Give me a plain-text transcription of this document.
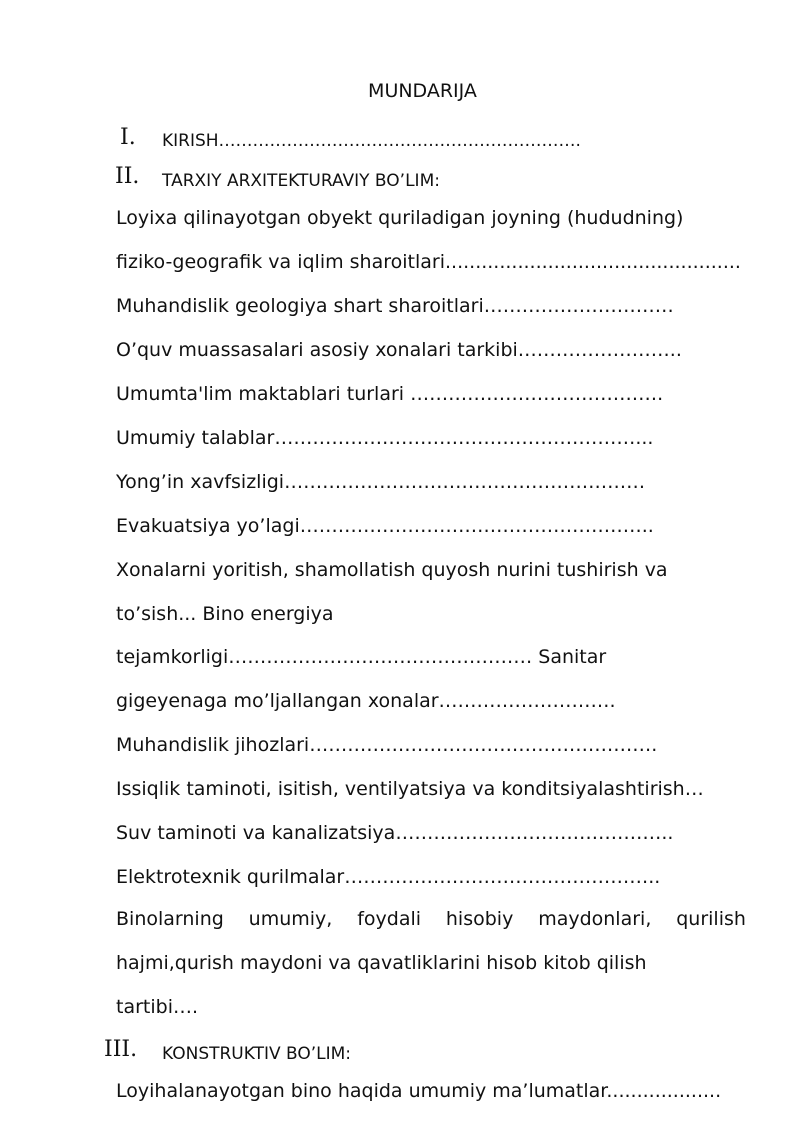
MUNDARIJA
I. KIRISH……………………………………………………….
II. TARXIY ARXITEKTURAVIY BO’LIM:
Loyixa qilinayotgan obyekt quriladigan joyning (hududning)
fiziko-geografik va iqlim sharoitlari.................................................
Muhandislik geologiya shart sharoitlari…………………………
O’quv muassasalari asosiy xonalari tarkibi……………………..
Umumta'lim maktablari turlari ………………………………….
Umumiy talablar…………………………………………………...
Yong’in xavfsizligi…………………………………………………
Evakuatsiya yo’lagi………………………………………………..
Xonalarni yoritish, shamollatish quyosh nurini tushirish va
to’sish... Bino energiya
tejamkorligi………………………………………… Sanitar
gigeyenaga mo’ljallangan xonalar……………………….
Muhandislik jihozlari……………………………………………….
Issiqlik taminoti, isitish, ventilyatsiya va konditsiyalashtirish…
Suv taminoti va kanalizatsiya……………………………………..
Elektrotexnik qurilmalar…………………………………………..
Binolarning umumiy, foydali hisobiy maydonlari, qurilish
hajmi,qurish maydoni va qavatliklarini hisob kitob qilish
tartibi….
III. KONSTRUKTIV BO’LIM:
Loyihalanayotgan bino haqida umumiy ma’lumatlar...................
